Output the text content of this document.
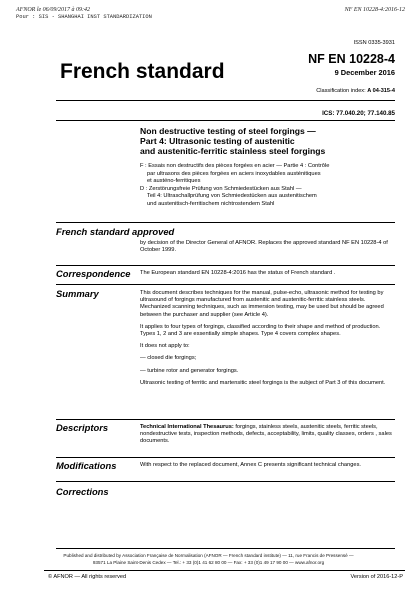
AFNOR le 06/09/2017 à 09:42
Pour : SIS - SHANGHAI INST STANDARDIZATION
NF EN 10228-4:2016-12
ISSN 0335-3931
French standard
NF EN 10228-4
9 December 2016
Classification index: A 04-315-4
ICS: 77.040.20; 77.140.85
Non destructive testing of steel forgings —
Part 4: Ultrasonic testing of austenitic
and austenitic-ferritic stainless steel forgings

F : Essais non destructifs des pièces forgées en acier — Partie 4 : Contrôle

par ultrasons des pièces forgées en aciers inoxydables austénitiques

et austéno-ferritiques

D : Zerstörungsfreie Prüfung von Schmiedestücken aus Stahl —

Teil 4: Ultraschallprüfung von Schmiedestücken aus austenitischem

und austenitisch-ferritischem nichtrostendem Stahl

French standard approved
by decision of the Director General of AFNOR. Replaces the approved standard NF EN 10228-4 of October 1999.
Correspondence The European standard EN 10228-4:2016 has the status of French standard .
Summary	This document describes techniques for the manual, pulse-echo, ultrasonic method for testing by ultrasound of forgings manufactured from austenitic and austenitic-ferritic stainless steels. Mechanized scanning techniques, such as immersion testing, may be used but should be agreed between the purchaser and supplier (see Article 4).

It applies to four types of forgings, classified according to their shape and method of production. Types 1, 2 and 3 are essentially simple shapes. Type 4 covers complex shapes.

It does not apply to:

— closed die forgings;

— turbine rotor and generator forgings.

Ultrasonic testing of ferritic and martensitic steel forgings is the subject of Part 3 of this document.

Descriptors	Technical International Thesaurus: forgings, stainless steels, austenitic steels, ferritic steels, nondestructive tests, inspection methods, defects, acceptability, limits, quality classes, orders , sales documents.
Modifications	With respect to the replaced document, Annex C presents significant technical changes.
Corrections
Published and distributed by Association Française de Normalisation (AFNOR — French standard institute) — 11, rue Francis de Pressensé —
93571 La Plaine Saint-Denis Cedex — Tel.: + 33 (0)1 41 62 80 00 — Fax: + 33 (0)1 49 17 90 00 — www.afnor.org
© AFNOR — All rights reserved	Version of 2016-12-P
